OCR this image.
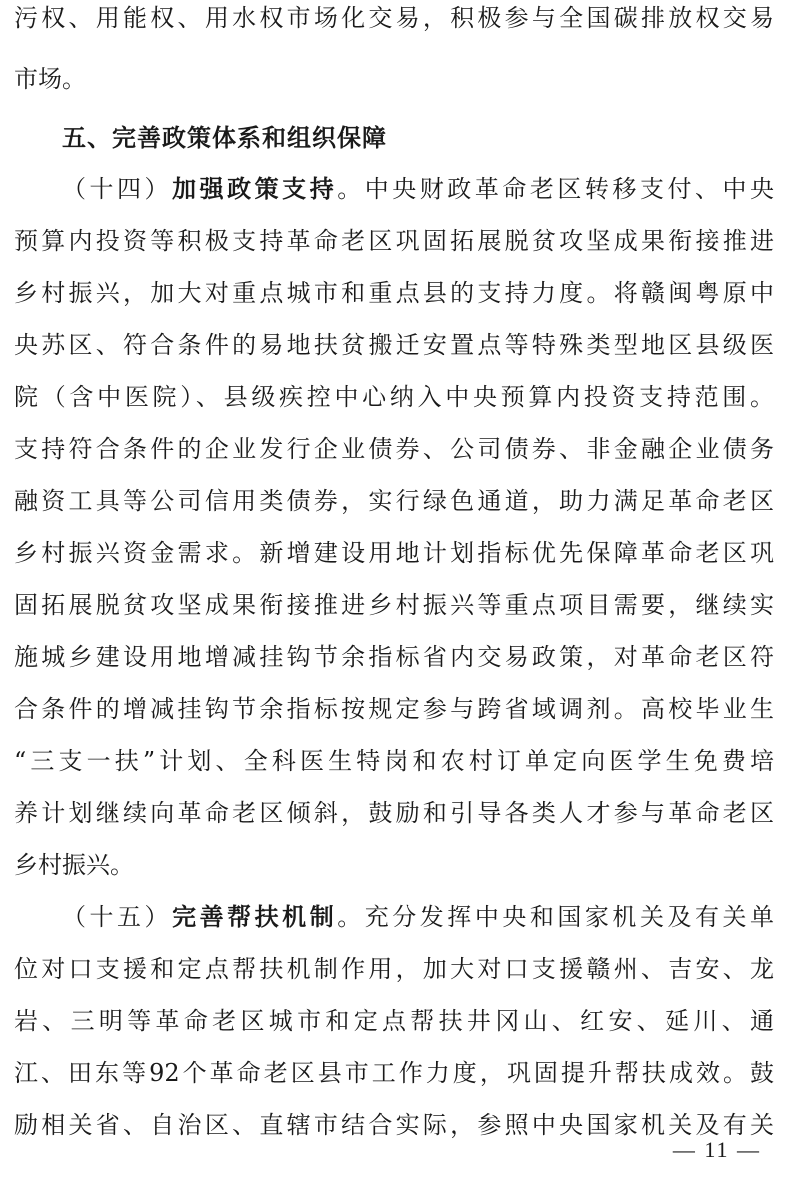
污权、用能权、用水权市场化交易，积极参与全国碳排放权交易
市场。
五、完善政策体系和组织保障
（十四）加强政策支持。中央财政革命老区转移支付、中央
预算内投资等积极支持革命老区巩固拓展脱贫攻坚成果衔接推进
乡村振兴，加大对重点城市和重点县的支持力度。将赣闽粤原中
央苏区、符合条件的易地扶贫搬迁安置点等特殊类型地区县级医
院（含中医院）、县级疾控中心纳入中央预算内投资支持范围。
支持符合条件的企业发行企业债券、公司债券、非金融企业债务
融资工具等公司信用类债券，实行绿色通道，助力满足革命老区
乡村振兴资金需求。新增建设用地计划指标优先保障革命老区巩
固拓展脱贫攻坚成果衔接推进乡村振兴等重点项目需要，继续实
施城乡建设用地增减挂钩节余指标省内交易政策，对革命老区符
合条件的增减挂钩节余指标按规定参与跨省域调剂。高校毕业生
“三支一扶”计划、全科医生特岗和农村订单定向医学生免费培
养计划继续向革命老区倾斜，鼓励和引导各类人才参与革命老区
乡村振兴。
（十五）完善帮扶机制。充分发挥中央和国家机关及有关单
位对口支援和定点帮扶机制作用，加大对口支援赣州、吉安、龙
岩、三明等革命老区城市和定点帮扶井冈山、红安、延川、通
江、田东等92个革命老区县市工作力度，巩固提升帮扶成效。鼓
励相关省、自治区、直辖市结合实际，参照中央国家机关及有关
— 11 —
